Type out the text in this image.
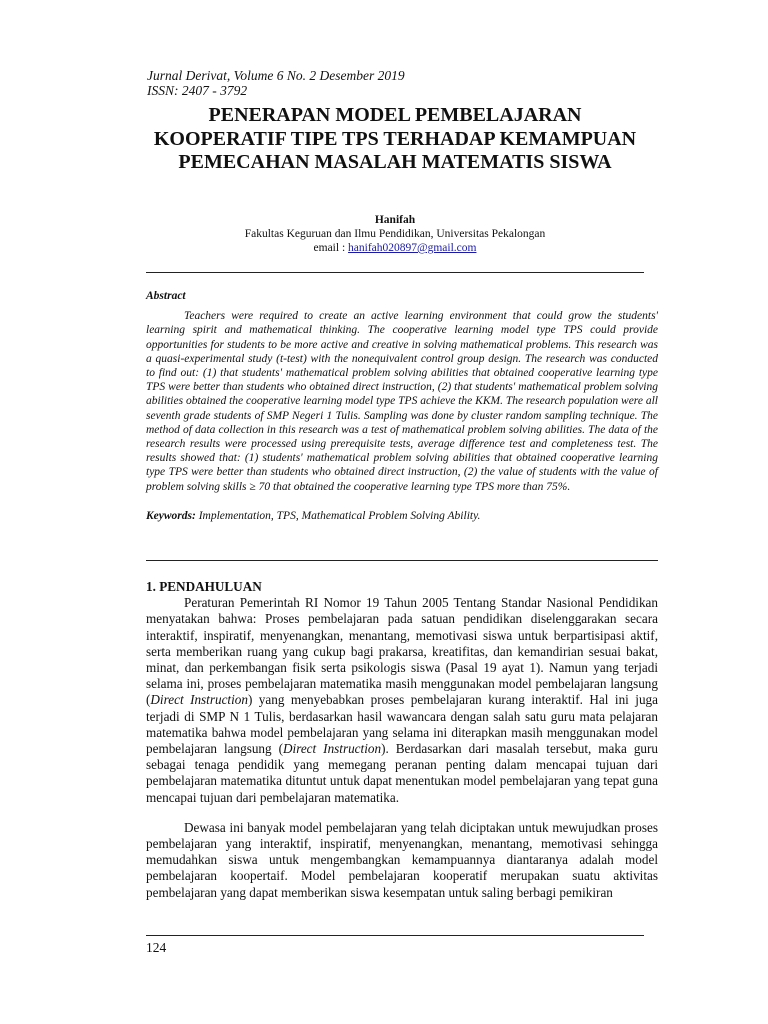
Jurnal Derivat, Volume 6 No. 2 Desember 2019
ISSN: 2407 - 3792
PENERAPAN MODEL PEMBELAJARAN KOOPERATIF TIPE TPS TERHADAP KEMAMPUAN PEMECAHAN MASALAH MATEMATIS SISWA
Hanifah
Fakultas Keguruan dan Ilmu Pendidikan, Universitas Pekalongan
email : hanifah020897@gmail.com
Abstract
Teachers were required to create an active learning environment that could grow the students' learning spirit and mathematical thinking. The cooperative learning model type TPS could provide opportunities for students to be more active and creative in solving mathematical problems. This research was a quasi-experimental study (t-test) with the nonequivalent control group design. The research was conducted to find out: (1) that students' mathematical problem solving abilities that obtained cooperative learning type TPS were better than students who obtained direct instruction, (2) that students' mathematical problem solving abilities obtained the cooperative learning model type TPS achieve the KKM. The research population were all seventh grade students of SMP Negeri 1 Tulis. Sampling was done by cluster random sampling technique. The method of data collection in this research was a test of mathematical problem solving abilities. The data of the research results were processed using prerequisite tests, average difference test and completeness test. The results showed that: (1) students' mathematical problem solving abilities that obtained cooperative learning type TPS were better than students who obtained direct instruction, (2) the value of students with the value of problem solving skills ≥ 70 that obtained the cooperative learning type TPS more than 75%.
Keywords: Implementation, TPS, Mathematical Problem Solving Ability.
1. PENDAHULUAN

Peraturan Pemerintah RI Nomor 19 Tahun 2005 Tentang Standar Nasional Pendidikan menyatakan bahwa: Proses pembelajaran pada satuan pendidikan diselenggarakan secara interaktif, inspiratif, menyenangkan, menantang, memotivasi siswa untuk berpartisipasi aktif, serta memberikan ruang yang cukup bagi prakarsa, kreatifitas, dan kemandirian sesuai bakat, minat, dan perkembangan fisik serta psikologis siswa (Pasal 19 ayat 1). Namun yang terjadi selama ini, proses pembelajaran matematika masih menggunakan model pembelajaran langsung (Direct Instruction) yang menyebabkan proses pembelajaran kurang interaktif. Hal ini juga terjadi di SMP N 1 Tulis, berdasarkan hasil wawancara dengan salah satu guru mata pelajaran matematika bahwa model pembelajaran yang selama ini diterapkan masih menggunakan model pembelajaran langsung (Direct Instruction). Berdasarkan dari masalah tersebut, maka guru sebagai tenaga pendidik yang memegang peranan penting dalam mencapai tujuan dari pembelajaran matematika dituntut untuk dapat menentukan model pembelajaran yang tepat guna mencapai tujuan dari pembelajaran matematika.

Dewasa ini banyak model pembelajaran yang telah diciptakan untuk mewujudkan proses pembelajaran yang interaktif, inspiratif, menyenangkan, menantang, memotivasi sehingga memudahkan siswa untuk mengembangkan kemampuannya diantaranya adalah model pembelajaran koopertaif. Model pembelajaran kooperatif merupakan suatu aktivitas pembelajaran yang dapat memberikan siswa kesempatan untuk saling berbagi pemikiran

124
